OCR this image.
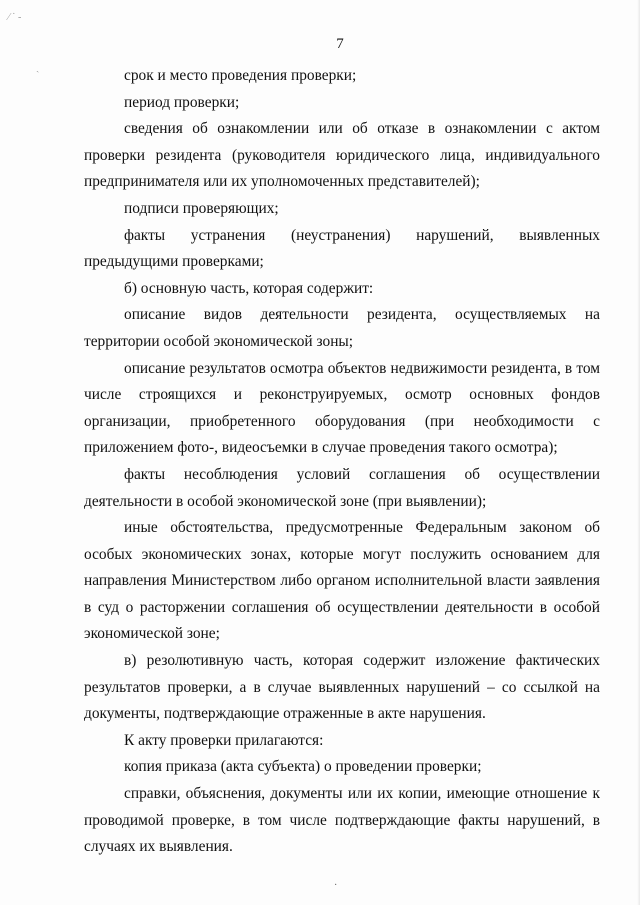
⁄ ˙ -
ˏ
·
7

срок и место проведения проверки;

период проверки;

сведения об ознакомлении или об отказе в ознакомлении с актом проверки резидента (руководителя юридического лица, индивидуального предпринимателя или их уполномоченных представителей);

подписи проверяющих;

факты устранения (неустранения) нарушений, выявленных предыдущими проверками;

б) основную часть, которая содержит:

описание видов деятельности резидента, осуществляемых на территории особой экономической зоны;

описание результатов осмотра объектов недвижимости резидента, в том числе строящихся и реконструируемых, осмотр основных фондов организации, приобретенного оборудования (при необходимости с приложением фото-, видеосъемки в случае проведения такого осмотра);

факты несоблюдения условий соглашения об осуществлении деятельности в особой экономической зоне (при выявлении);

иные обстоятельства, предусмотренные Федеральным законом об особых экономических зонах, которые могут послужить основанием для направления Министерством либо органом исполнительной власти заявления в суд о расторжении соглашения об осуществлении деятельности в особой экономической зоне;

в) резолютивную часть, которая содержит изложение фактических результатов проверки, а в случае выявленных нарушений – со ссылкой на документы, подтверждающие отраженные в акте нарушения.

К акту проверки прилагаются:

копия приказа (акта субъекта) о проведении проверки;

справки, объяснения, документы или их копии, имеющие отношение к проводимой проверке, в том числе подтверждающие факты нарушений, в случаях их выявления.
